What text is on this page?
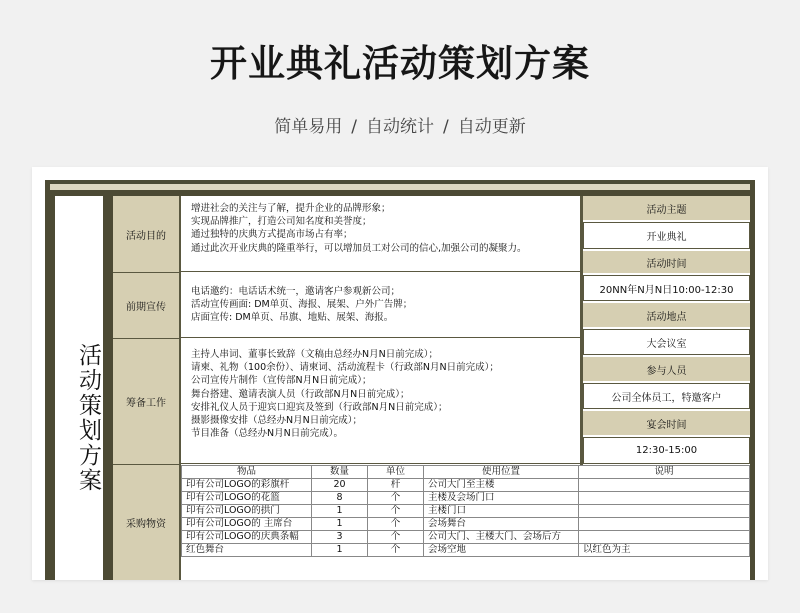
开业典礼活动策划方案
简单易用 / 自动统计 / 自动更新
活动策划方案
活动目的
增进社会的关注与了解，提升企业的品牌形象；
实现品牌推广，打造公司知名度和美誉度；
通过独特的庆典方式提高市场占有率；
通过此次开业庆典的隆重举行，可以增加员工对公司的信心,加强公司的凝聚力。
前期宣传
电话邀约：电话话术统一，邀请客户参观新公司；
活动宣传画面: DM单页、海报、展架、户外广告牌；
店面宣传: DM单页、吊旗、地贴、展架、海报。
筹备工作
主持人串词、董事长致辞（文稿由总经办N月N日前完成）；
请柬、礼物（100余份）、请柬词、活动流程卡（行政部N月N日前完成）；
公司宣传片制作（宣传部N月N日前完成）；
舞台搭建、邀请表演人员（行政部N月N日前完成）；
安排礼仪人员于迎宾口迎宾及签到（行政部N月N日前完成）；
摄影摄像安排（总经办N月N日前完成）；
节目准备（总经办N月N日前完成）。
活动主题
开业典礼
活动时间
20NN年N月N日10:00-12:30
活动地点
大会议室
参与人员
公司全体员工，特邀客户
宴会时间
12:30-15:00
采购物资
物品	数量	单位	使用位置	说明
印有公司LOGO的彩旗杆	20	杆	公司大门至主楼	
印有公司LOGO的花篮	8	个	主楼及会场门口	
印有公司LOGO的拱门	1	个	主楼门口	
印有公司LOGO的 主席台	1	个	会场舞台	
印有公司LOGO的庆典条幅	3	个	公司大门、主楼大门、会场后方	
红色舞台	1	个	会场空地	以红色为主
